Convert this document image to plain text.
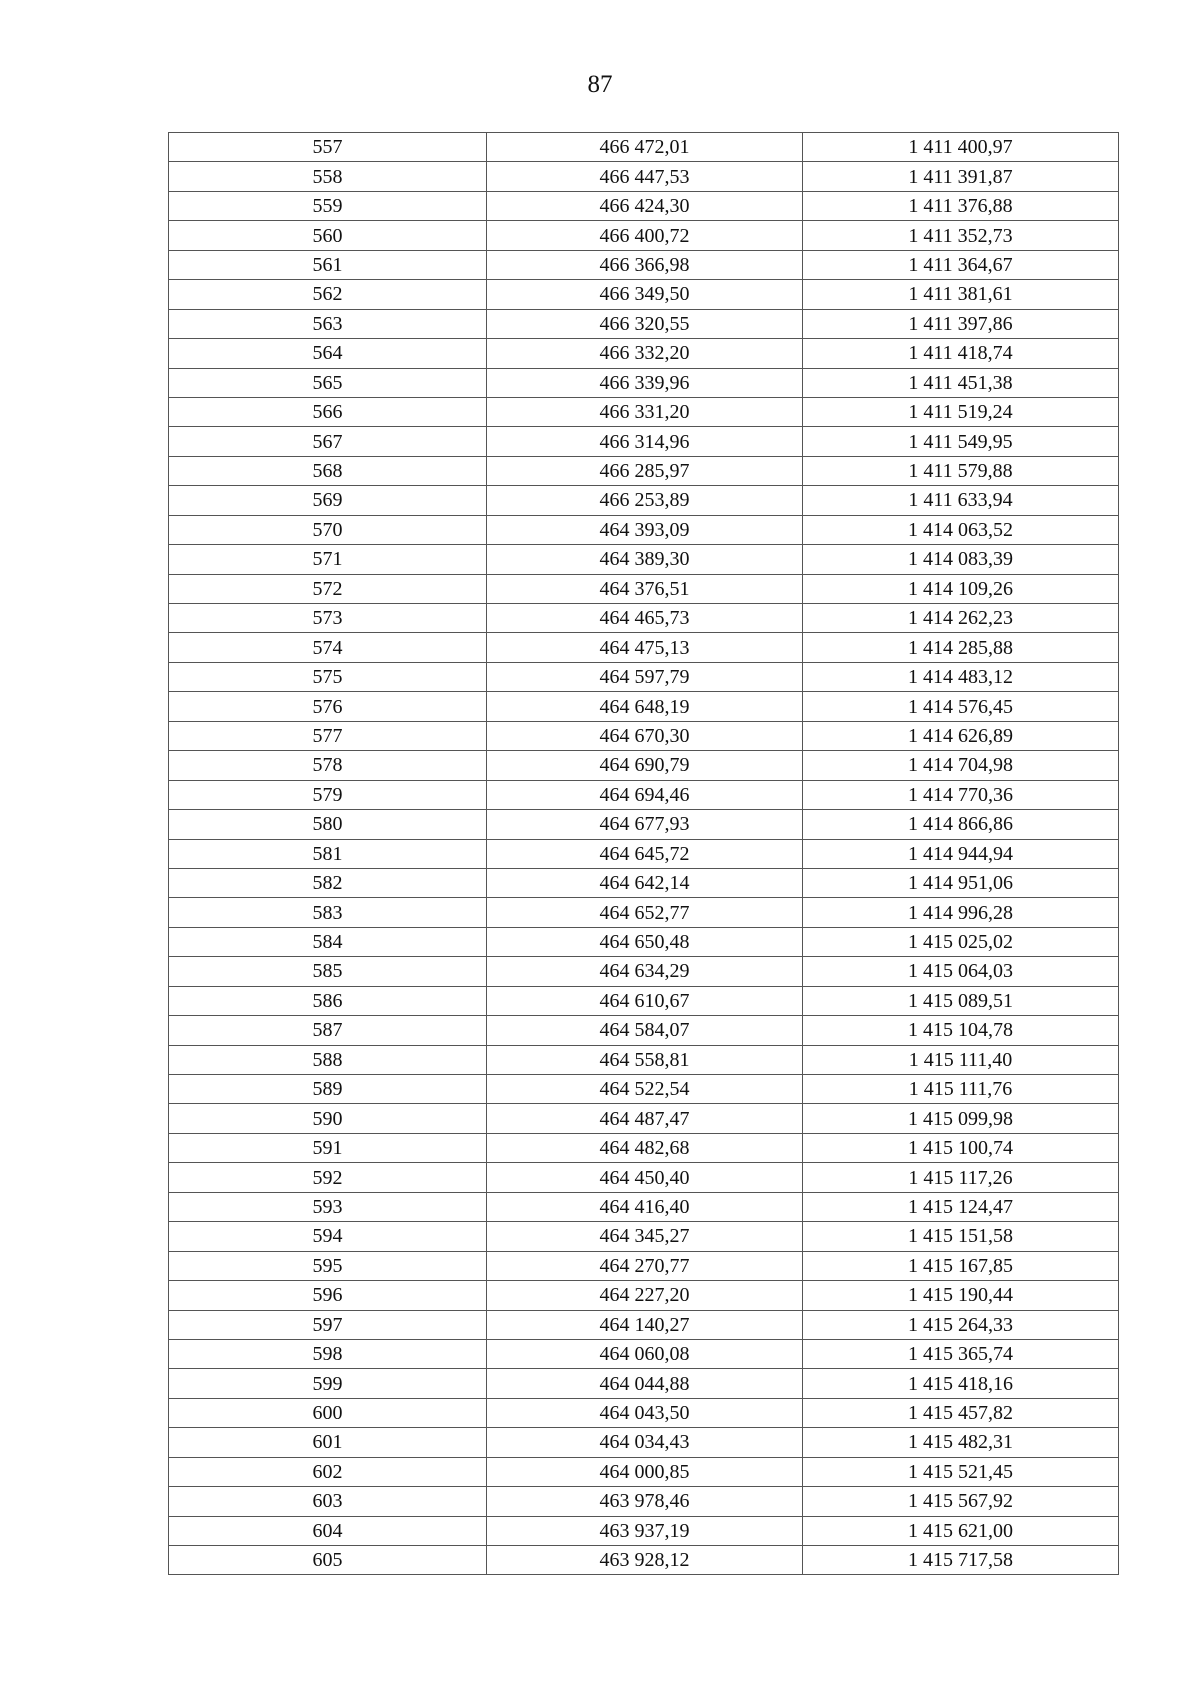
87
557	466 472,01	1 411 400,97
558	466 447,53	1 411 391,87
559	466 424,30	1 411 376,88
560	466 400,72	1 411 352,73
561	466 366,98	1 411 364,67
562	466 349,50	1 411 381,61
563	466 320,55	1 411 397,86
564	466 332,20	1 411 418,74
565	466 339,96	1 411 451,38
566	466 331,20	1 411 519,24
567	466 314,96	1 411 549,95
568	466 285,97	1 411 579,88
569	466 253,89	1 411 633,94
570	464 393,09	1 414 063,52
571	464 389,30	1 414 083,39
572	464 376,51	1 414 109,26
573	464 465,73	1 414 262,23
574	464 475,13	1 414 285,88
575	464 597,79	1 414 483,12
576	464 648,19	1 414 576,45
577	464 670,30	1 414 626,89
578	464 690,79	1 414 704,98
579	464 694,46	1 414 770,36
580	464 677,93	1 414 866,86
581	464 645,72	1 414 944,94
582	464 642,14	1 414 951,06
583	464 652,77	1 414 996,28
584	464 650,48	1 415 025,02
585	464 634,29	1 415 064,03
586	464 610,67	1 415 089,51
587	464 584,07	1 415 104,78
588	464 558,81	1 415 111,40
589	464 522,54	1 415 111,76
590	464 487,47	1 415 099,98
591	464 482,68	1 415 100,74
592	464 450,40	1 415 117,26
593	464 416,40	1 415 124,47
594	464 345,27	1 415 151,58
595	464 270,77	1 415 167,85
596	464 227,20	1 415 190,44
597	464 140,27	1 415 264,33
598	464 060,08	1 415 365,74
599	464 044,88	1 415 418,16
600	464 043,50	1 415 457,82
601	464 034,43	1 415 482,31
602	464 000,85	1 415 521,45
603	463 978,46	1 415 567,92
604	463 937,19	1 415 621,00
605	463 928,12	1 415 717,58
